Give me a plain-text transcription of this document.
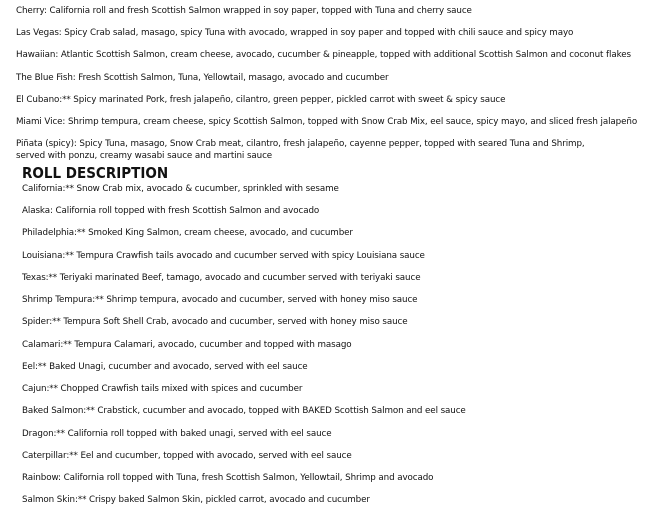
Cherry: California roll and fresh Scottish Salmon wrapped in soy paper, topped with Tuna and cherry sauce
Las Vegas: Spicy Crab salad, masago, spicy Tuna with avocado, wrapped in soy paper and topped with chili sauce and spicy mayo
Hawaiian: Atlantic Scottish Salmon, cream cheese, avocado, cucumber & pineapple, topped with additional Scottish Salmon and coconut flakes
The Blue Fish: Fresh Scottish Salmon, Tuna, Yellowtail, masago, avocado and cucumber
El Cubano:** Spicy marinated Pork, fresh jalapeño, cilantro, green pepper, pickled carrot with sweet & spicy sauce
Miami Vice: Shrimp tempura, cream cheese, spicy Scottish Salmon, topped with Snow Crab Mix, eel sauce, spicy mayo, and sliced fresh jalapeño
Piñata (spicy): Spicy Tuna, masago, Snow Crab meat, cilantro, fresh jalapeño, cayenne pepper, topped with seared Tuna and Shrimp,
served with ponzu, creamy wasabi sauce and martini sauce
ROLL DESCRIPTION
California:** Snow Crab mix, avocado & cucumber, sprinkled with sesame
Alaska: California roll topped with fresh Scottish Salmon and avocado
Philadelphia:** Smoked King Salmon, cream cheese, avocado, and cucumber
Louisiana:** Tempura Crawfish tails avocado and cucumber served with spicy Louisiana sauce
Texas:** Teriyaki marinated Beef, tamago, avocado and cucumber served with teriyaki sauce
Shrimp Tempura:** Shrimp tempura, avocado and cucumber, served with honey miso sauce
Spider:** Tempura Soft Shell Crab, avocado and cucumber, served with honey miso sauce
Calamari:** Tempura Calamari, avocado, cucumber and topped with masago
Eel:** Baked Unagi, cucumber and avocado, served with eel sauce
Cajun:** Chopped Crawfish tails mixed with spices and cucumber
Baked Salmon:** Crabstick, cucumber and avocado, topped with BAKED Scottish Salmon and eel sauce
Dragon:** California roll topped with baked unagi, served with eel sauce
Caterpillar:** Eel and cucumber, topped with avocado, served with eel sauce
Rainbow: California roll topped with Tuna, fresh Scottish Salmon, Yellowtail, Shrimp and avocado
Salmon Skin:** Crispy baked Salmon Skin, pickled carrot, avocado and cucumber
